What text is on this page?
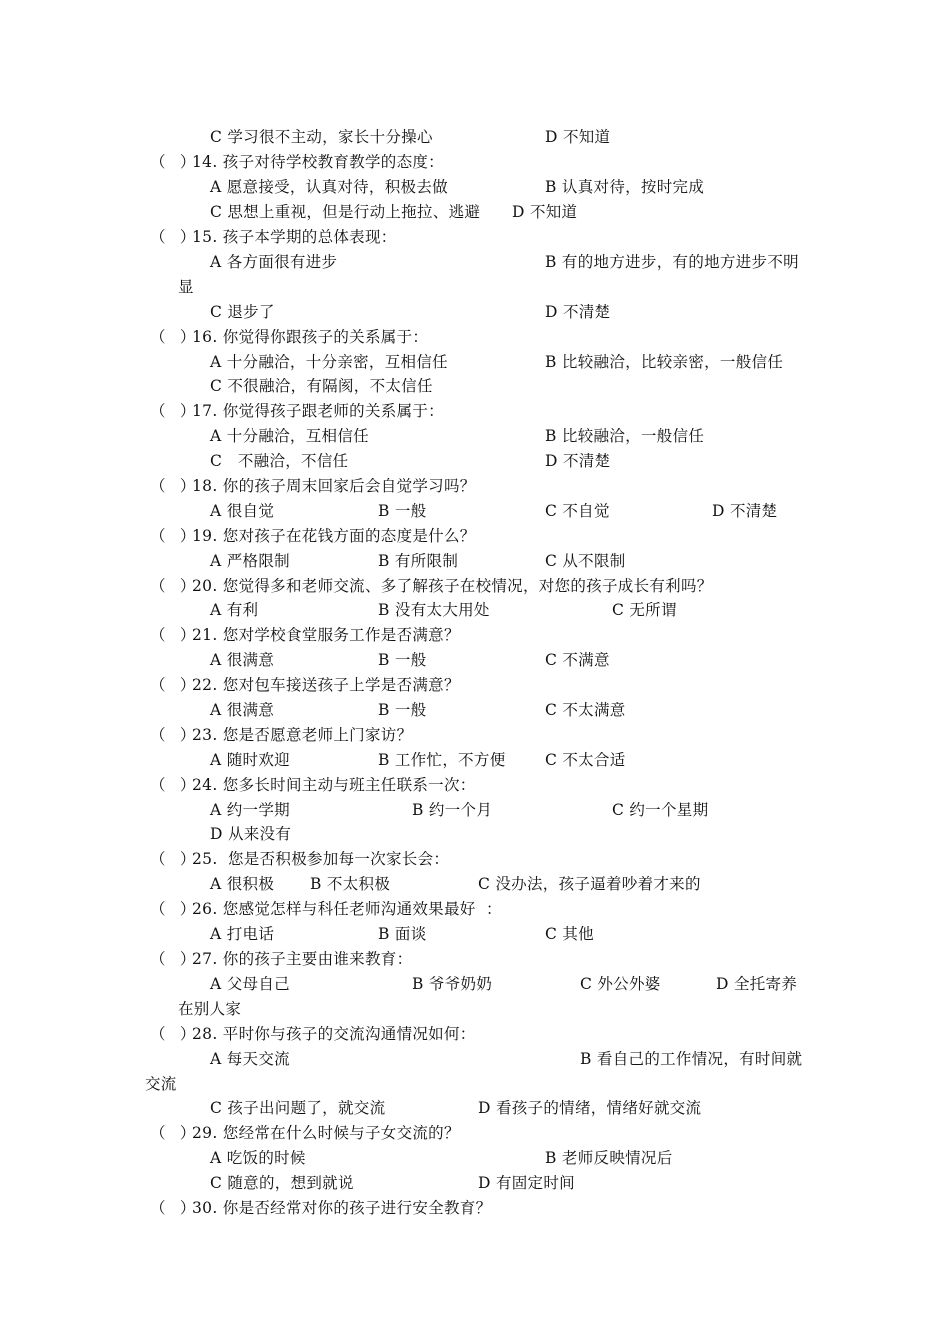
C 学习很不主动，家长十分操心	D 不知道
（ ）
14. 孩子对待学校教育教学的态度：
A 愿意接受，认真对待，积极去做	B 认真对待，按时完成
C 思想上重视，但是行动上拖拉、逃避 D 不知道
（ ）
15. 孩子本学期的总体表现：
A 各方面很有进步	B 有的地方进步，有的地方进步不明
显
C 退步了	D 不清楚
（ ）
16. 你觉得你跟孩子的关系属于：
A 十分融洽，十分亲密，互相信任	B 比较融洽，比较亲密，一般信任
C 不很融洽，有隔阂，不太信任
（ ）
17. 你觉得孩子跟老师的关系属于：
A 十分融洽，互相信任	B 比较融洽，一般信任
C   不融洽，不信任	D 不清楚
（ ）
18. 你的孩子周末回家后会自觉学习吗？
A 很自觉	B 一般	C 不自觉	D 不清楚
（ ）
19. 您对孩子在花钱方面的态度是什么？
A 严格限制	B 有所限制	C 从不限制
（ ）
20. 您觉得多和老师交流、多了解孩子在校情况，对您的孩子成长有利吗？
A 有利	B 没有太大用处	C 无所谓
（ ）
21. 您对学校食堂服务工作是否满意？
A 很满意	B 一般	C 不满意
（ ）
22. 您对包车接送孩子上学是否满意？
A 很满意	B 一般	C 不太满意
（ ）
23. 您是否愿意老师上门家访？
A 随时欢迎	B 工作忙，不方便	C 不太合适
（ ）
24. 您多长时间主动与班主任联系一次：
A 约一学期	B 约一个月	C 约一个星期
D 从来没有
（ ）
25.  您是否积极参加每一次家长会：
A 很积极 B 不太积极	C 没办法，孩子逼着吵着才来的
（ ）
26. 您感觉怎样与科任老师沟通效果最好  ：
A 打电话	B 面谈	C 其他
（ ）
27. 你的孩子主要由谁来教育：
A 父母自己	B 爷爷奶奶	C 外公外婆	D 全托寄养
在别人家
（ ）
28. 平时你与孩子的交流沟通情况如何：
A 每天交流	B 看自己的工作情况，有时间就
交流
C 孩子出问题了，就交流	D 看孩子的情绪，情绪好就交流
（ ）
29. 您经常在什么时候与子女交流的？
A 吃饭的时候	B 老师反映情况后
C 随意的，想到就说	D 有固定时间
（ ）
30. 你是否经常对你的孩子进行安全教育？
